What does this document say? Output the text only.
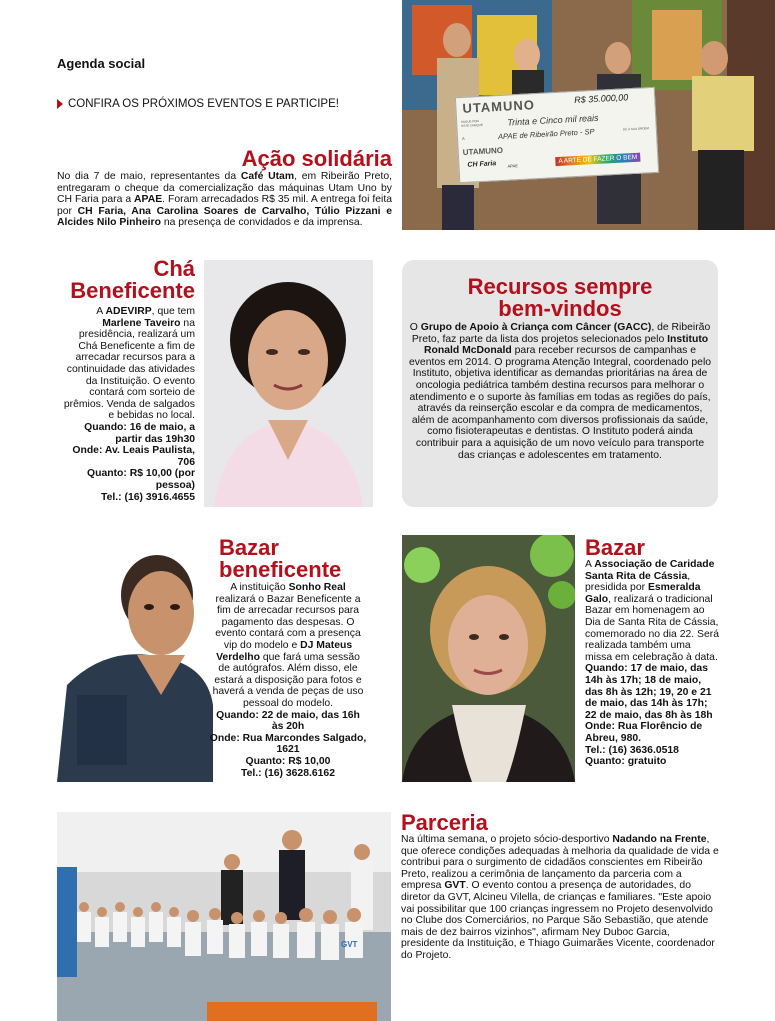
Agenda social
CONFIRA OS PRÓXIMOS EVENTOS E PARTICIPE!	UTAMUNO	R$ 35.000,00
PAGUE POR
ESTE CHEQUE	Trinta e Cinco mil reais
A	APAE de Ribeirão Preto - SP	OU À SUA ORDEM
UTAMUNO
CH Faria	APAE
A ARTE DE FAZER O BEM
Ação solidária

No dia 7 de maio, representantes da Café Utam, em Ribeirão Preto, entregaram o cheque da comercialização das máquinas Utam Uno by CH Faria para a APAE. Foram arrecadados R$ 35 mil. A entrega foi feita por CH Faria, Ana Carolina Soares de Carvalho, Túlio Pizzani e Alcides Nilo Pinheiro na presença de convidados e da imprensa.

Chá
Beneficente

A ADEVIRP, que tem Marlene Taveiro na presidência, realizará um Chá Beneficente a fim de arrecadar recursos para a continuidade das atividades da Instituição. O evento contará com sorteio de prêmios. Venda de salgados e bebidas no local.
Quando: 16 de maio, a partir das 19h30
Onde: Av. Leais Paulista, 706
Quanto: R$ 10,00 (por pessoa)
Tel.: (16) 3916.4655

Recursos sempre
bem-vindos

O Grupo de Apoio à Criança com Câncer (GACC), de Ribeirão Preto, faz parte da lista dos projetos selecionados pelo Instituto Ronald McDonald para receber recursos de campanhas e eventos em 2014. O programa Atenção Integral, coordenado pelo Instituto, objetiva identificar as demandas prioritárias na área de oncologia pediátrica também destina recursos para melhorar o atendimento e o suporte às famílias em todas as regiões do país, através da reinserção escolar e da compra de medicamentos, além de acompanhamento com diversos profissionais da saúde, como fisioterapeutas e dentistas. O Instituto poderá ainda contribuir para a aquisição de um novo veículo para transporte das crianças e adolescentes em tratamento.

Bazar
beneficente

A instituição Sonho Real realizará o Bazar Beneficente a fim de arrecadar recursos para pagamento das despesas. O evento contará com a presença vip do modelo e DJ Mateus Verdelho que fará uma sessão de autógrafos. Além disso, ele estará a disposição para fotos e haverá a venda de peças de uso pessoal do modelo.
Quando: 22 de maio, das 16h às 20h
Onde: Rua Marcondes Salgado, 1621
Quanto: R$ 10,00
Tel.: (16) 3628.6162

Bazar

A Associação de Caridade Santa Rita de Cássia, presidida por Esmeralda Galo, realizará o tradicional Bazar em homenagem ao Dia de Santa Rita de Cássia, comemorado no dia 22. Será realizada também uma missa em celebração à data.
Quando: 17 de maio, das 14h às 17h; 18 de maio, das 8h às 12h; 19, 20 e 21 de maio, das 14h às 17h; 22 de maio, das 8h às 18h
Onde: Rua Florêncio de Abreu, 980.
Tel.: (16) 3636.0518
Quanto: gratuito

GVT
Parceria

Na última semana, o projeto sócio-desportivo Nadando na Frente, que oferece condições adequadas à melhoria da qualidade de vida e contribui para o surgimento de cidadãos conscientes em Ribeirão Preto, realizou a cerimônia de lançamento da parceria com a empresa GVT. O evento contou a presença de autoridades, do diretor da GVT, Alcineu Vilella, de crianças e familiares. "Este apoio vai possibilitar que 100 crianças ingressem no Projeto desenvolvido no Clube dos Comerciários, no Parque São Sebastião, que atende mais de dez bairros vizinhos", afirmam Ney Duboc Garcia, presidente da Instituição, e Thiago Guimarães Vicente, coordenador do Projeto.
